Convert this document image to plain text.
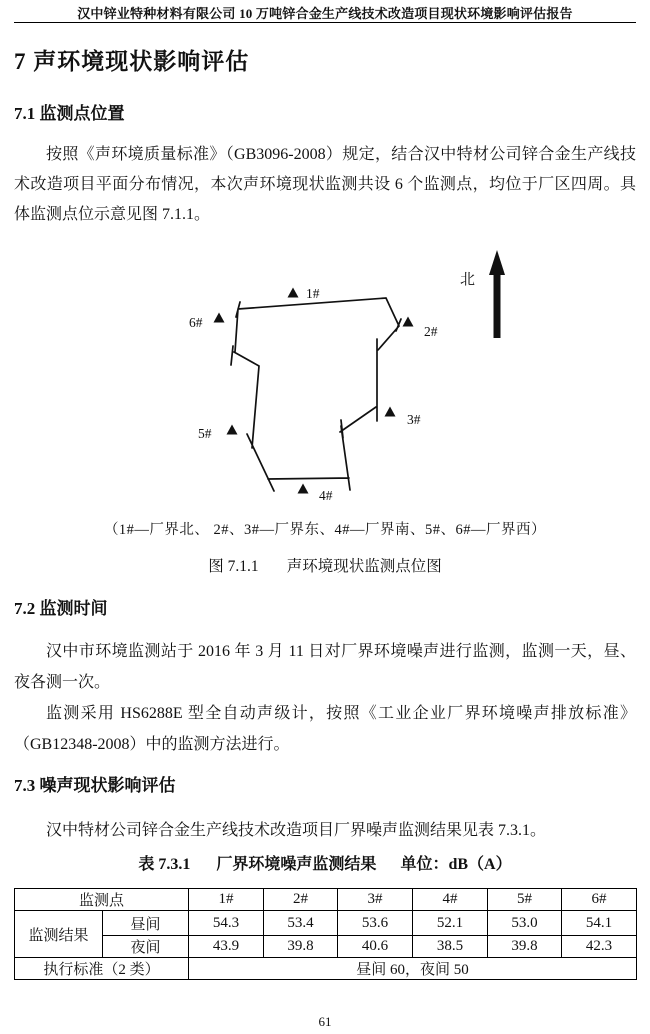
汉中锌业特种材料有限公司 10 万吨锌合金生产线技术改造项目现状环境影响评估报告
7 声环境现状影响评估
7.1 监测点位置
按照《声环境质量标准》（GB3096-2008）规定，结合汉中特材公司锌合金生产线技
术改造项目平面分布情况，本次声环境现状监测共设 6 个监测点，均位于厂区四周。具
体监测点位示意见图 7.1.1。
1#
2#
3#
4#
5#
6#
北
（1#—厂界北、 2#、3#—厂界东、4#—厂界南、5#、6#—厂界西）
图 7.1.1 声环境现状监测点位图
7.2 监测时间
汉中市环境监测站于 2016 年 3 月 11 日对厂界环境噪声进行监测，监测一天，昼、
夜各测一次。
监测采用 HS6288E 型全自动声级计，按照《工业企业厂界环境噪声排放标准》
（GB12348-2008）中的监测方法进行。
7.3 噪声现状影响评估
汉中特材公司锌合金生产线技术改造项目厂界噪声监测结果见表 7.3.1。
表 7.3.1 厂界环境噪声监测结果 单位：dB（A）
监测点		1#	2#	3#	4#	5#	6#
监测结果	昼间	54.3	53.4	53.6	52.1	53.0	54.1
	夜间	43.9	39.8	40.6	38.5	39.8	42.3
执行标准（2 类）		昼间 60，夜间 50					
61
